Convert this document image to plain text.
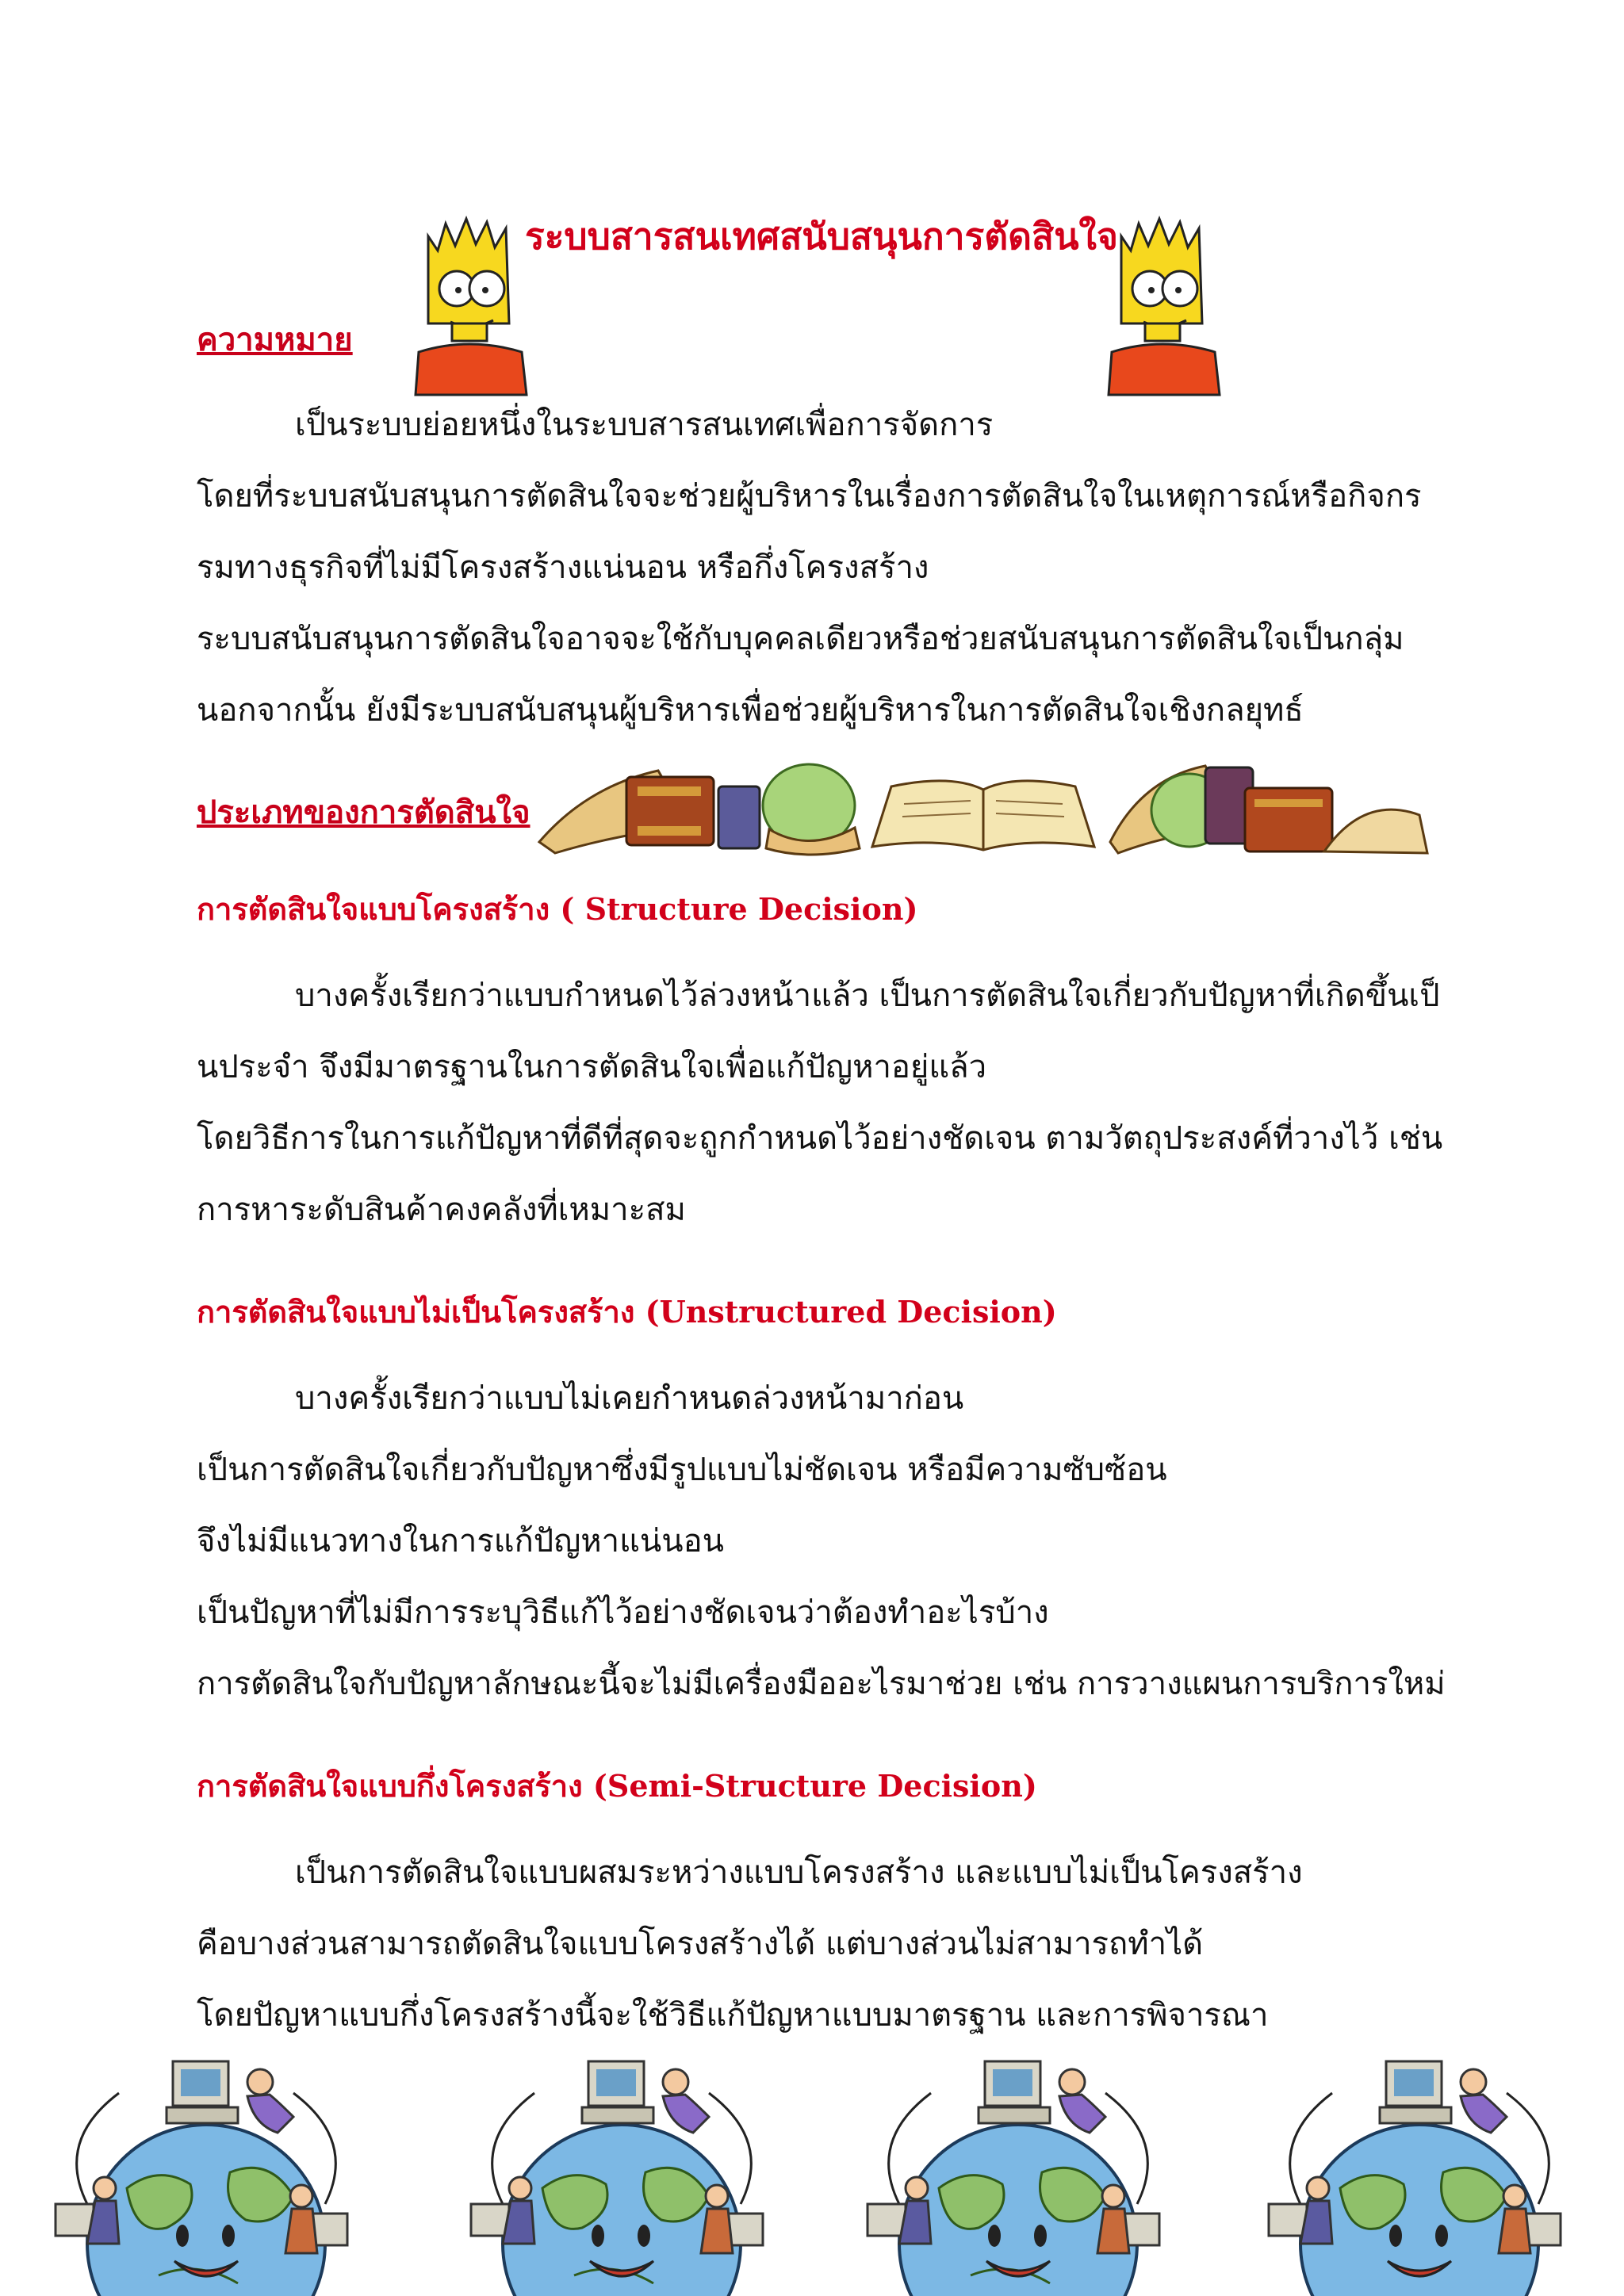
ระบบสารสนเทศสนับสนุนการตัดสินใจ
ความหมาย
เป็นระบบย่อยหนึ่งในระบบสารสนเทศเพื่อการจัดการ
โดยที่ระบบสนับสนุนการตัดสินใจจะช่วยผู้บริหารในเรื่องการตัดสินใจในเหตุการณ์หรือกิจกร
รมทางธุรกิจที่ไม่มีโครงสร้างแน่นอน หรือกึ่งโครงสร้าง
ระบบสนับสนุนการตัดสินใจอาจจะใช้กับบุคคลเดียวหรือช่วยสนับสนุนการตัดสินใจเป็นกลุ่ม
นอกจากนั้น ยังมีระบบสนับสนุนผู้บริหารเพื่อช่วยผู้บริหารในการตัดสินใจเชิงกลยุทธ์
ประเภทของการตัดสินใจ
การตัดสินใจแบบโครงสร้าง ( Structure Decision)
บางครั้งเรียกว่าแบบกำหนดไว้ล่วงหน้าแล้ว เป็นการตัดสินใจเกี่ยวกับปัญหาที่เกิดขึ้นเป็
นประจำ จึงมีมาตรฐานในการตัดสินใจเพื่อแก้ปัญหาอยู่แล้ว
โดยวิธีการในการแก้ปัญหาที่ดีที่สุดจะถูกกำหนดไว้อย่างชัดเจน ตามวัตถุประสงค์ที่วางไว้ เช่น
การหาระดับสินค้าคงคลังที่เหมาะสม
การตัดสินใจแบบไม่เป็นโครงสร้าง (Unstructured Decision)
บางครั้งเรียกว่าแบบไม่เคยกำหนดล่วงหน้ามาก่อน
เป็นการตัดสินใจเกี่ยวกับปัญหาซึ่งมีรูปแบบไม่ชัดเจน หรือมีความซับซ้อน
จึงไม่มีแนวทางในการแก้ปัญหาแน่นอน
เป็นปัญหาที่ไม่มีการระบุวิธีแก้ไว้อย่างชัดเจนว่าต้องทำอะไรบ้าง
การตัดสินใจกับปัญหาลักษณะนี้จะไม่มีเครื่องมืออะไรมาช่วย เช่น การวางแผนการบริการใหม่
การตัดสินใจแบบกึ่งโครงสร้าง (Semi-Structure Decision)
เป็นการตัดสินใจแบบผสมระหว่างแบบโครงสร้าง และแบบไม่เป็นโครงสร้าง
คือบางส่วนสามารถตัดสินใจแบบโครงสร้างได้ แต่บางส่วนไม่สามารถทำได้
โดยปัญหาแบบกึ่งโครงสร้างนี้จะใช้วิธีแก้ปัญหาแบบมาตรฐาน และการพิจารณา
